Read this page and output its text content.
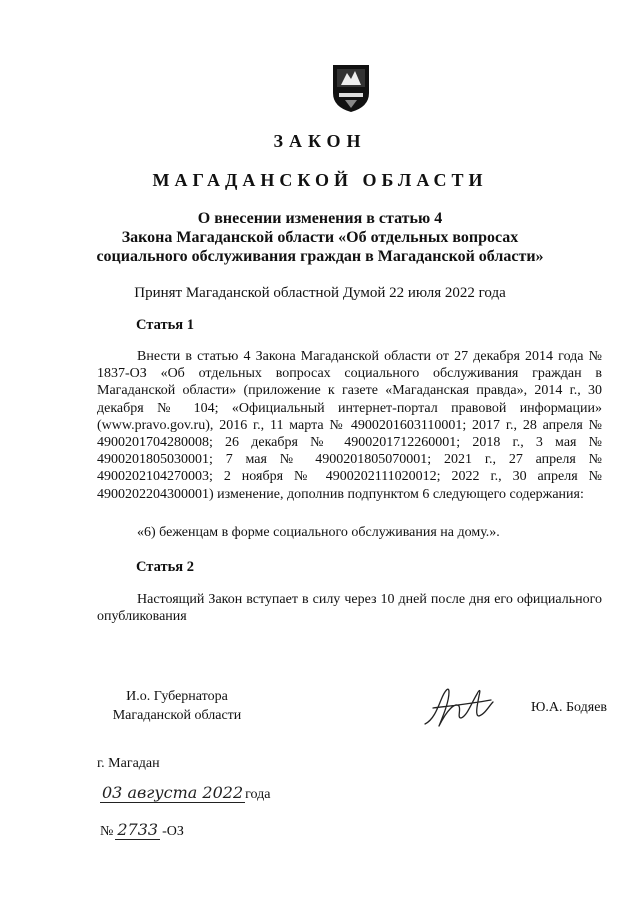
ЗАКОН
МАГАДАНСКОЙ ОБЛАСТИ
О внесении изменения в статью 4
Закона Магаданской области «Об отдельных вопросах
социального обслуживания граждан в Магаданской области»
Принят Магаданской областной Думой 22 июля 2022 года
Статья 1
Внести в статью 4 Закона Магаданской области от 27 декабря 2014 года № 1837-ОЗ «Об отдельных вопросах социального обслуживания граждан в Магаданской области» (приложение к газете «Магаданская правда», 2014 г., 30 декабря № 104; «Официальный интернет-портал правовой информации» (www.pravo.gov.ru), 2016 г., 11 марта № 4900201603110001; 2017 г., 28 апреля № 4900201704280008; 26 декабря № 4900201712260001; 2018 г., 3 мая № 4900201805030001; 7 мая № 4900201805070001; 2021 г., 27 апреля № 4900202104270003; 2 ноября № 4900202111020012; 2022 г., 30 апреля № 4900202204300001) изменение, дополнив подпунктом 6 следующего содержания:
«6) беженцам в форме социального обслуживания на дому.».
Статья 2
Настоящий Закон вступает в силу через 10 дней после дня его официального опубликования
И.о. Губернатора
Магаданской области
Ю.А. Бодяев
г. Магадан
03 августа 2022 года
№ 2733 -ОЗ
